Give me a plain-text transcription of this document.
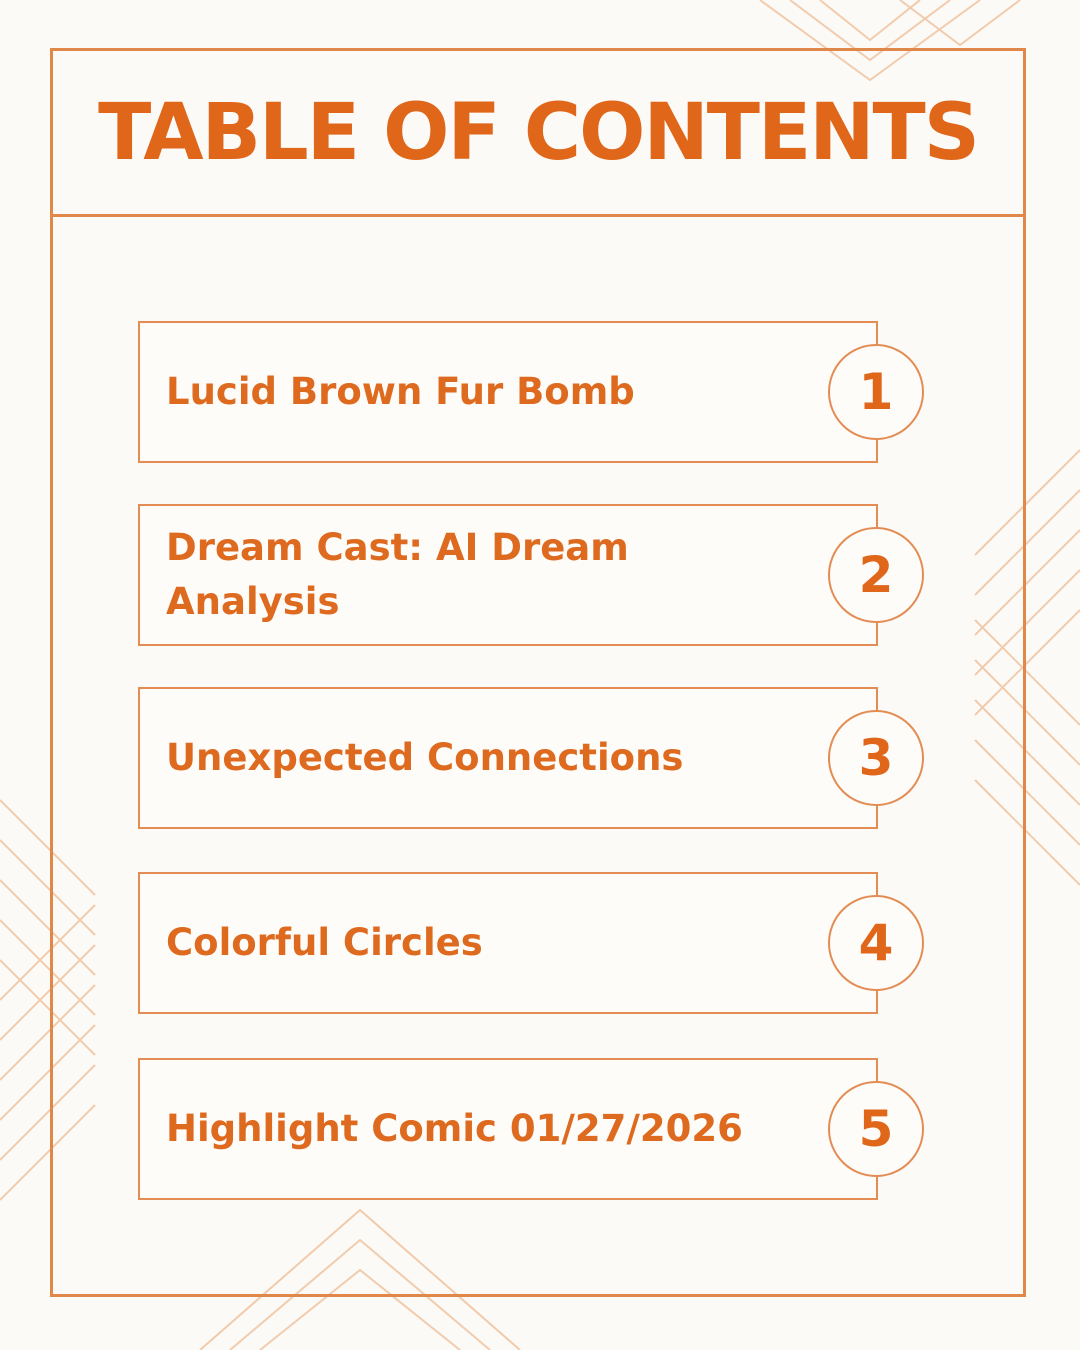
TABLE OF CONTENTS
Lucid Brown Fur Bomb	1
Dream Cast: AI Dream Analysis	2
Unexpected Connections	3
Colorful Circles	4
Highlight Comic 01/27/2026	5
